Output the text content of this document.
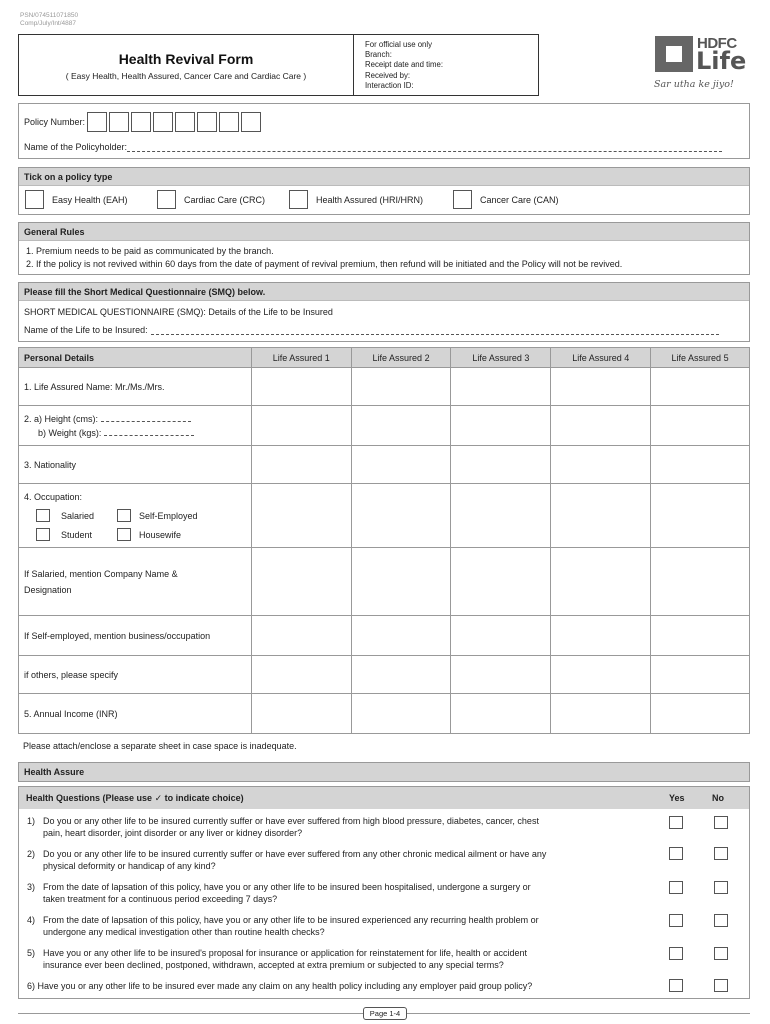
PSN/074511071850
Comp/July/Int/4887
Health Revival Form
( Easy Health, Health Assured, Cancer Care and Cardiac Care )
For official use only
Branch:
Receipt date and time:
Received by:
Interaction ID:
HDFC
Life
Sar utha ke jiyo!
Policy Number:
Name of the Policyholder:
Tick on a policy type
Easy Health (EAH)	Cardiac Care (CRC)	Health Assured (HRI/HRN)	Cancer Care (CAN)
General Rules
1. Premium needs to be paid as communicated by the branch.
2. If the policy is not revived within 60 days from the date of payment of revival premium, then refund will be initiated and the Policy will not be revived.
Please fill the Short Medical Questionnaire (SMQ) below.
SHORT MEDICAL QUESTIONNAIRE (SMQ): Details of the Life to be Insured
Name of the Life to be Insured:
Personal Details	Life Assured 1	Life Assured 2	Life Assured 3	Life Assured 4	Life Assured 5
1. Life Assured Name: Mr./Ms./Mrs.					

2. a) Height (cms):
b) Weight (kgs):					

3. Nationality					

4. Occupation:
Salaried Self-Employed
Student Housewife					

If Salaried, mention Company Name &
Designation					

If Self-employed, mention business/occupation					
if others, please specify					
5. Annual Income (INR)					
Please attach/enclose a separate sheet in case space is inadequate.
Health Assure
Health Questions (Please use ✓ to indicate choice)	Yes	No
1) Do you or any other life to be insured currently suffer or have ever suffered from high blood pressure, diabetes, cancer, chest
pain, heart disorder, joint disorder or any liver or kidney disorder?
2) Do you or any other life to be insured currently suffer or have ever suffered from any other chronic medical ailment or have any
physical deformity or handicap of any kind?
3) From the date of lapsation of this policy, have you or any other life to be insured been hospitalised, undergone a surgery or
taken treatment for a continuous period exceeding 7 days?
4) From the date of lapsation of this policy, have you or any other life to be insured experienced any recurring health problem or
undergone any medical investigation other than routine health checks?
5) Have you or any other life to be insured's proposal for insurance or application for reinstatement for life, health or accident
insurance ever been declined, postponed, withdrawn, accepted at extra premium or subjected to any special terms?
6) Have you or any other life to be insured ever made any claim on any health policy including any employer paid group policy?
Page 1-4
